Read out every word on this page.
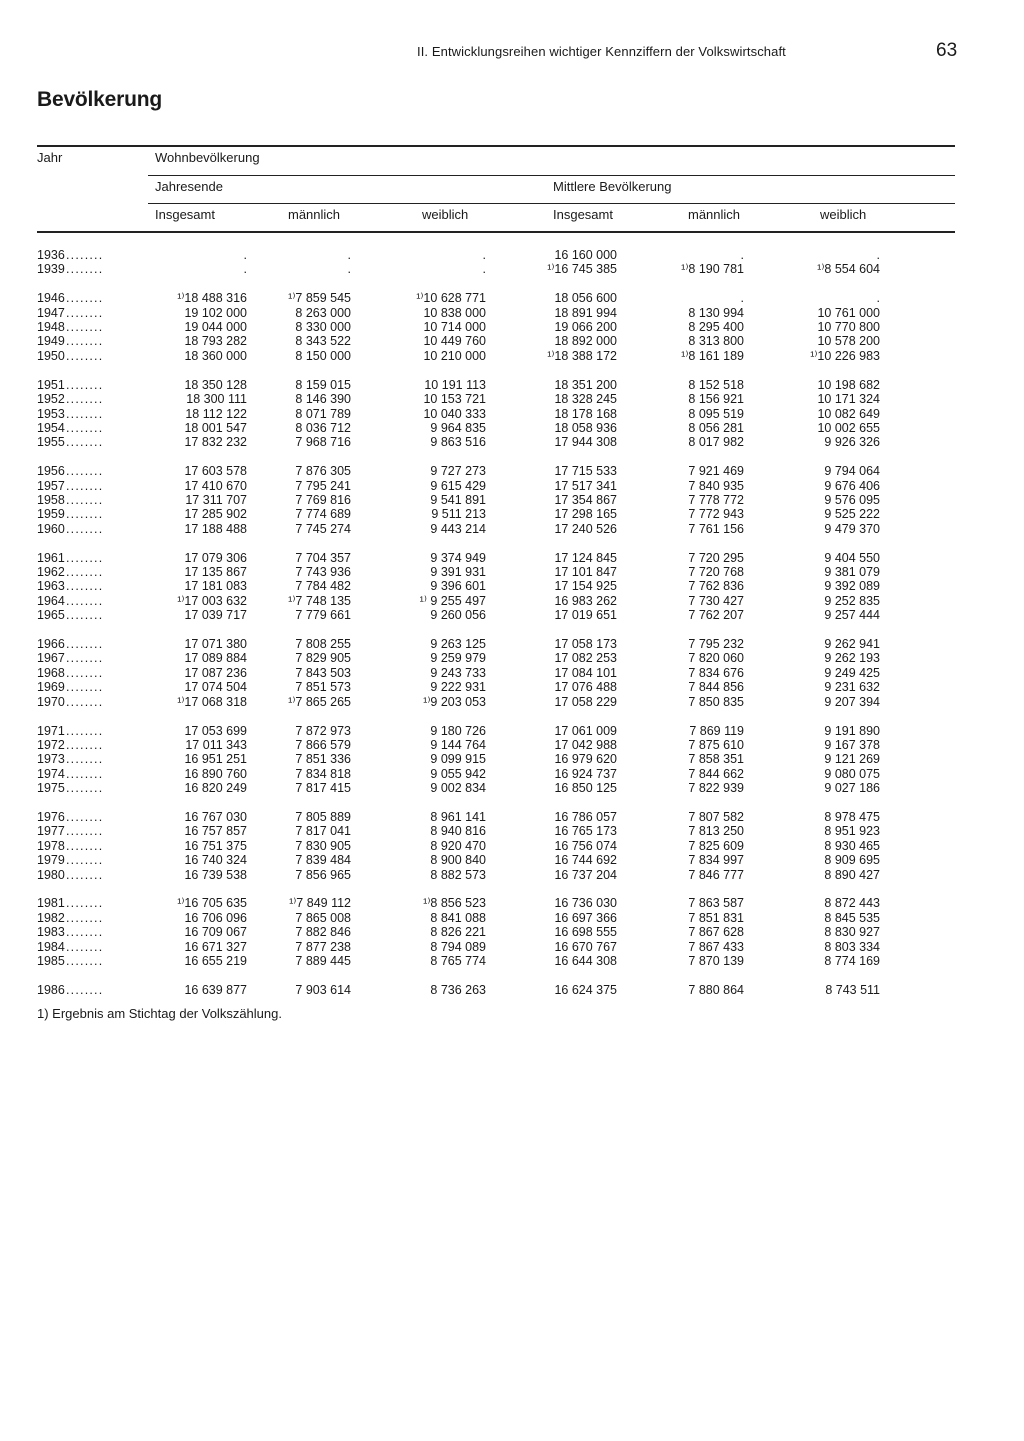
II. Entwicklungsreihen wichtiger Kennziffern der Volkswirtschaft	63
Bevölkerung
Jahr	Wohnbevölkerung
Jahresende	Mittlere Bevölkerung
Insgesamt	männlich	weiblich	Insgesamt	männlich	weiblich
1936 ........	.	.	.	16 160 000	.	.
1939 ........	.	.	.	¹⁾16 745 385	¹⁾8 190 781	¹⁾8 554 604
1946 ........	¹⁾18 488 316	¹⁾7 859 545	¹⁾10 628 771	18 056 600	.	.
1947 ........	19 102 000	8 263 000	10 838 000	18 891 994	8 130 994	10 761 000
1948 ........	19 044 000	8 330 000	10 714 000	19 066 200	8 295 400	10 770 800
1949 ........	18 793 282	8 343 522	10 449 760	18 892 000	8 313 800	10 578 200
1950 ........	18 360 000	8 150 000	10 210 000	¹⁾18 388 172	¹⁾8 161 189	¹⁾10 226 983
1951 ........	18 350 128	8 159 015	10 191 113	18 351 200	8 152 518	10 198 682
1952 ........	18 300 111	8 146 390	10 153 721	18 328 245	8 156 921	10 171 324
1953 ........	18 112 122	8 071 789	10 040 333	18 178 168	8 095 519	10 082 649
1954 ........	18 001 547	8 036 712	9 964 835	18 058 936	8 056 281	10 002 655
1955 ........	17 832 232	7 968 716	9 863 516	17 944 308	8 017 982	9 926 326
1956 ........	17 603 578	7 876 305	9 727 273	17 715 533	7 921 469	9 794 064
1957 ........	17 410 670	7 795 241	9 615 429	17 517 341	7 840 935	9 676 406
1958 ........	17 311 707	7 769 816	9 541 891	17 354 867	7 778 772	9 576 095
1959 ........	17 285 902	7 774 689	9 511 213	17 298 165	7 772 943	9 525 222
1960 ........	17 188 488	7 745 274	9 443 214	17 240 526	7 761 156	9 479 370
1961 ........	17 079 306	7 704 357	9 374 949	17 124 845	7 720 295	9 404 550
1962 ........	17 135 867	7 743 936	9 391 931	17 101 847	7 720 768	9 381 079
1963 ........	17 181 083	7 784 482	9 396 601	17 154 925	7 762 836	9 392 089
1964 ........	¹⁾17 003 632	¹⁾7 748 135	¹⁾ 9 255 497	16 983 262	7 730 427	9 252 835
1965 ........	17 039 717	7 779 661	9 260 056	17 019 651	7 762 207	9 257 444
1966 ........	17 071 380	7 808 255	9 263 125	17 058 173	7 795 232	9 262 941
1967 ........	17 089 884	7 829 905	9 259 979	17 082 253	7 820 060	9 262 193
1968 ........	17 087 236	7 843 503	9 243 733	17 084 101	7 834 676	9 249 425
1969 ........	17 074 504	7 851 573	9 222 931	17 076 488	7 844 856	9 231 632
1970 ........	¹⁾17 068 318	¹⁾7 865 265	¹⁾9 203 053	17 058 229	7 850 835	9 207 394
1971 ........	17 053 699	7 872 973	9 180 726	17 061 009	7 869 119	9 191 890
1972 ........	17 011 343	7 866 579	9 144 764	17 042 988	7 875 610	9 167 378
1973 ........	16 951 251	7 851 336	9 099 915	16 979 620	7 858 351	9 121 269
1974 ........	16 890 760	7 834 818	9 055 942	16 924 737	7 844 662	9 080 075
1975 ........	16 820 249	7 817 415	9 002 834	16 850 125	7 822 939	9 027 186
1976 ........	16 767 030	7 805 889	8 961 141	16 786 057	7 807 582	8 978 475
1977 ........	16 757 857	7 817 041	8 940 816	16 765 173	7 813 250	8 951 923
1978 ........	16 751 375	7 830 905	8 920 470	16 756 074	7 825 609	8 930 465
1979 ........	16 740 324	7 839 484	8 900 840	16 744 692	7 834 997	8 909 695
1980 ........	16 739 538	7 856 965	8 882 573	16 737 204	7 846 777	8 890 427
1981 ........	¹⁾16 705 635	¹⁾7 849 112	¹⁾8 856 523	16 736 030	7 863 587	8 872 443
1982 ........	16 706 096	7 865 008	8 841 088	16 697 366	7 851 831	8 845 535
1983 ........	16 709 067	7 882 846	8 826 221	16 698 555	7 867 628	8 830 927
1984 ........	16 671 327	7 877 238	8 794 089	16 670 767	7 867 433	8 803 334
1985 ........	16 655 219	7 889 445	8 765 774	16 644 308	7 870 139	8 774 169
1986 ........	16 639 877	7 903 614	8 736 263	16 624 375	7 880 864	8 743 511
1) Ergebnis am Stichtag der Volkszählung.
